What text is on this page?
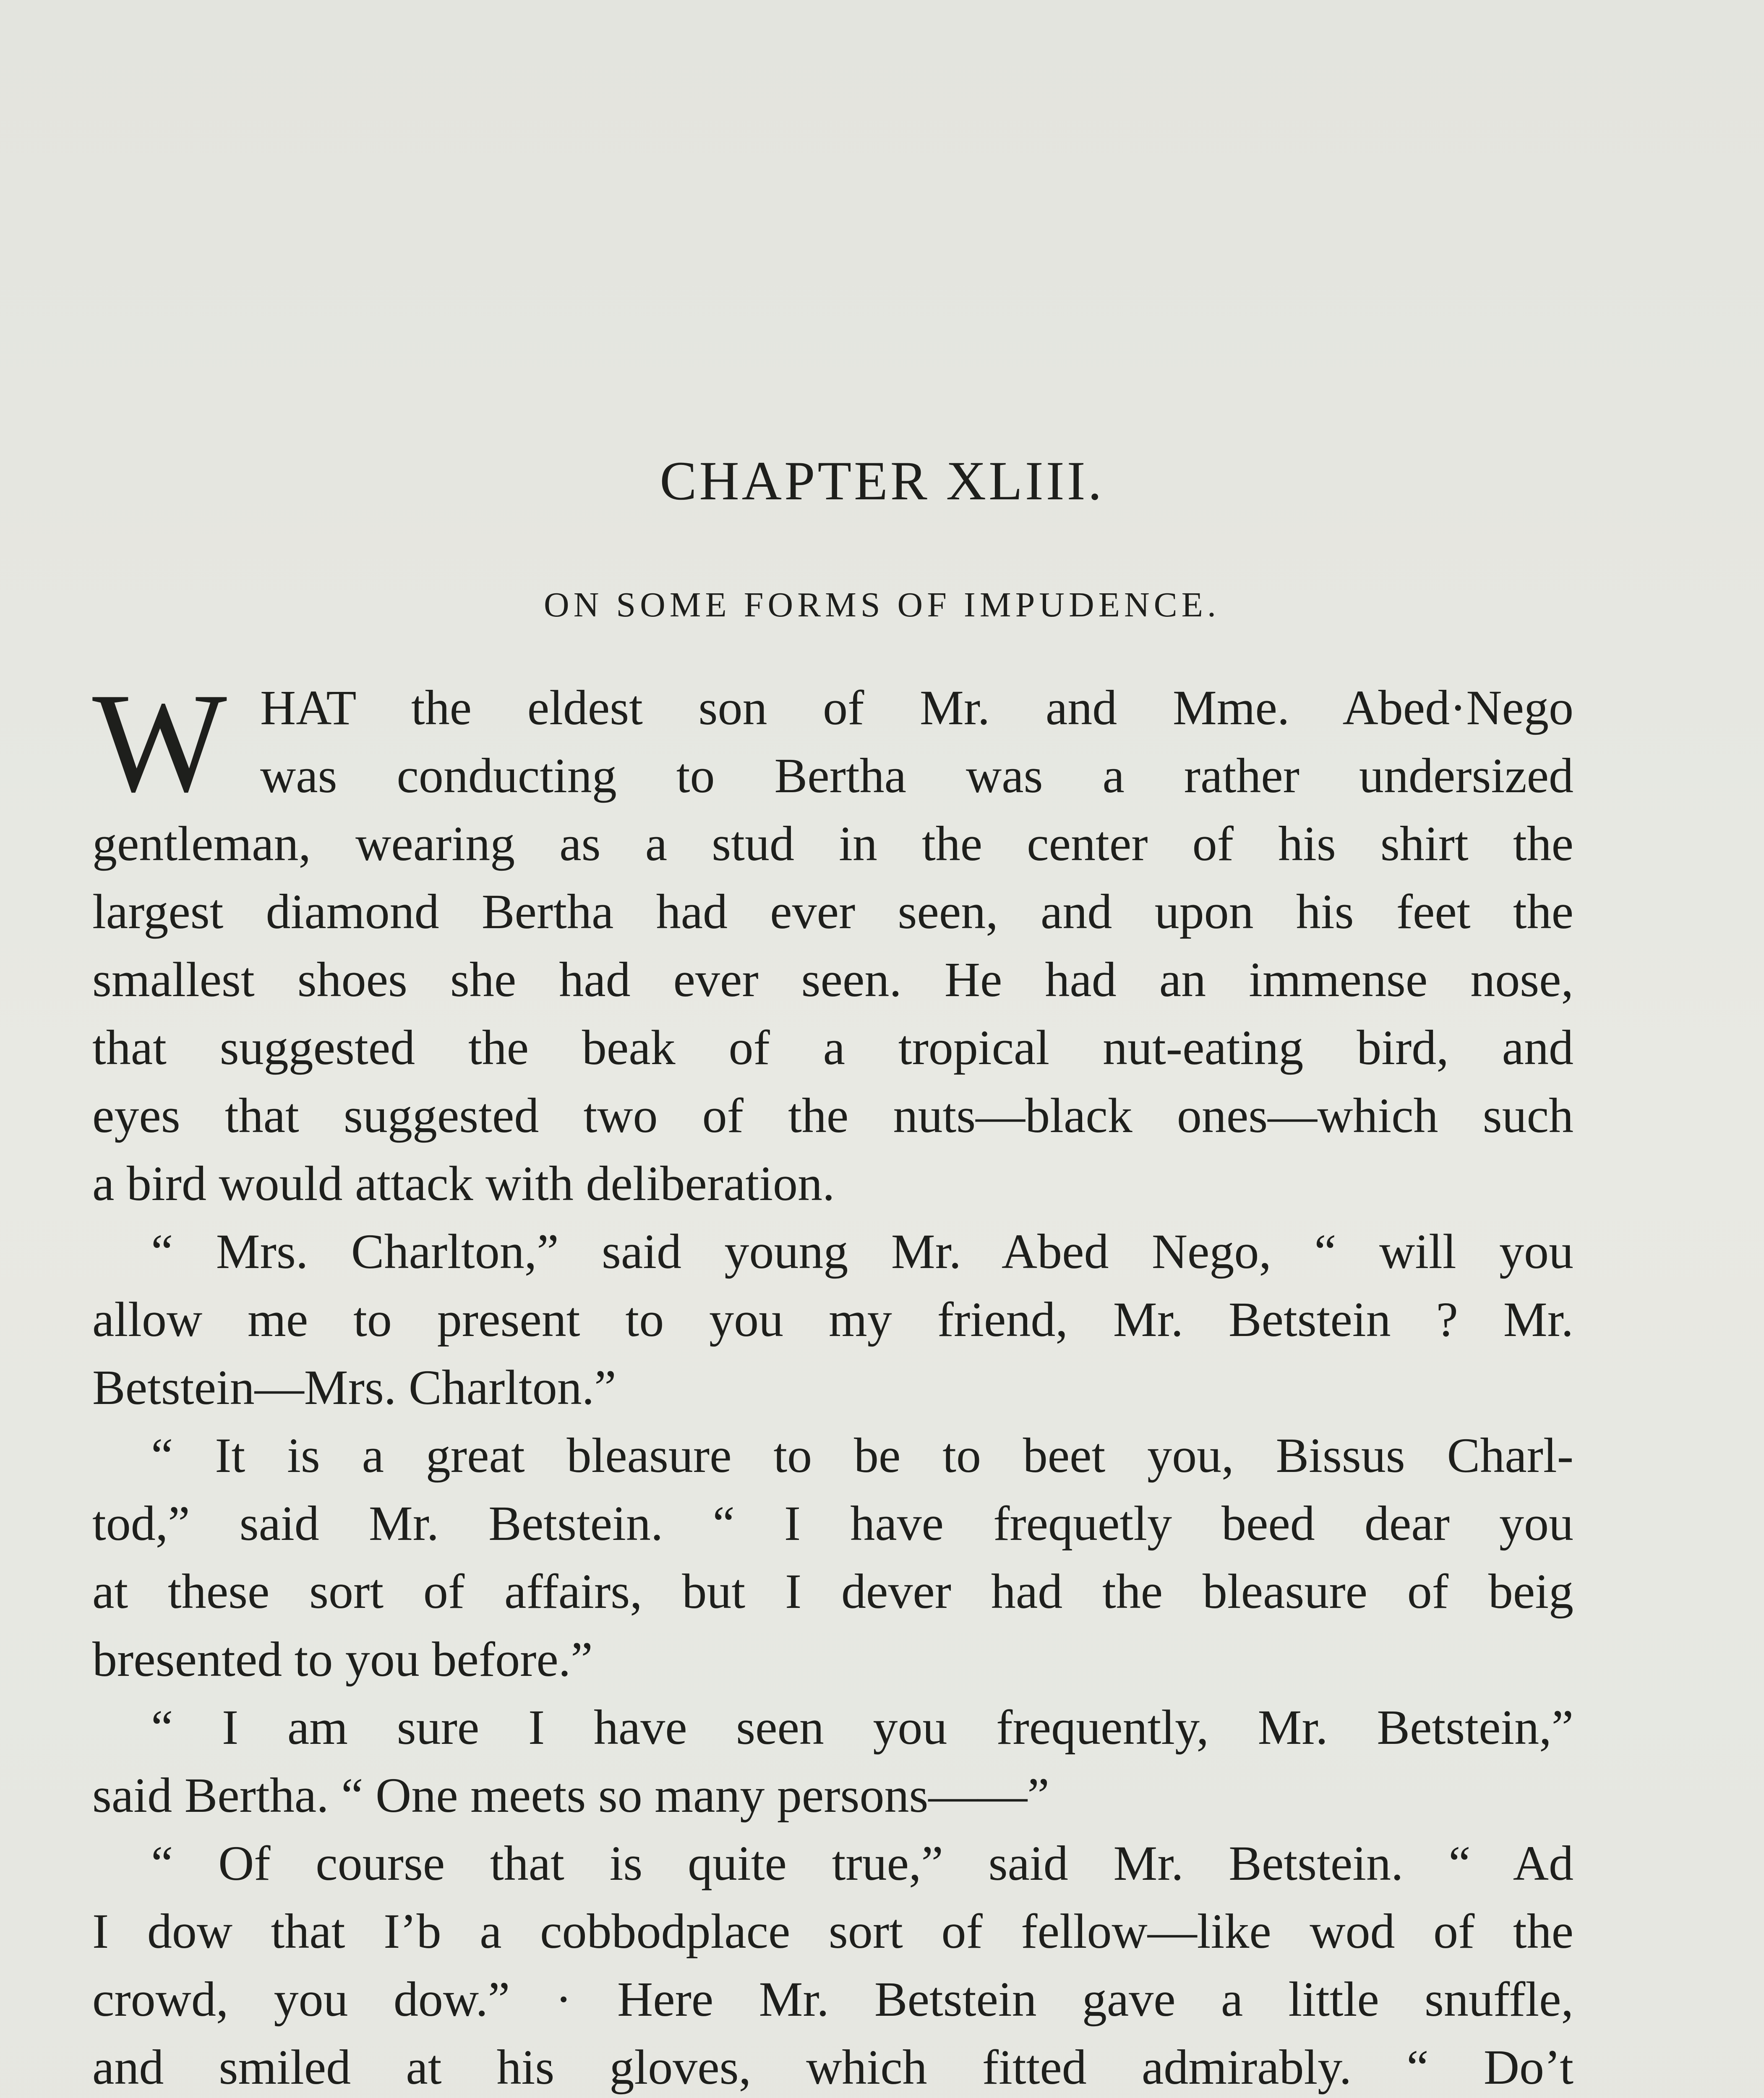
CHAPTER XLIII.
ON SOME FORMS OF IMPUDENCE.
W HAT the eldest son of Mr. and Mme. Abed·Nego
was conducting to Bertha was a rather undersized
gentleman, wearing as a stud in the center of his shirt the
largest diamond Bertha had ever seen, and upon his feet the
smallest shoes she had ever seen. He had an immense nose,
that suggested the beak of a tropical nut-eating bird, and
eyes that suggested two of the nuts—black ones—which such
a bird would attack with deliberation.
“ Mrs. Charlton,” said young Mr. Abed Nego, “ will you
allow me to present to you my friend, Mr. Betstein ? Mr.
Betstein—Mrs. Charlton.”
“ It is a great bleasure to be to beet you, Bissus Charl-
tod,” said Mr. Betstein. “ I have frequetly beed dear you
at these sort of affairs, but I dever had the bleasure of beig
bresented to you before.”
“ I am sure I have seen you frequently, Mr. Betstein,”
said Bertha. “ One meets so many persons——”
“ Of course that is quite true,” said Mr. Betstein. “ Ad
I dow that I’b a cobbodplace sort of fellow—like wod of the
crowd, you dow.” · Here Mr. Betstein gave a little snuffle,
and smiled at his gloves, which fitted admirably. “ Do’t
